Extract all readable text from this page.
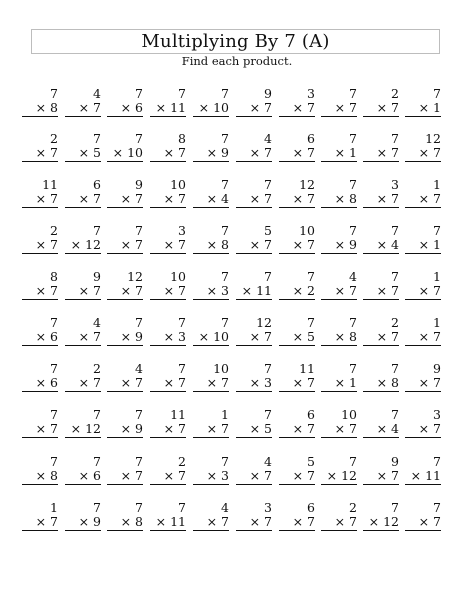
Multiplying By 7 (A)
Find each product.
7
× 8
4
× 7
7
× 6
7
× 11
7
× 10
9
× 7
3
× 7
7
× 7
2
× 7
7
× 1
2
× 7
7
× 5
7
× 10
8
× 7
7
× 9
4
× 7
6
× 7
7
× 1
7
× 7
12
× 7
11
× 7
6
× 7
9
× 7
10
× 7
7
× 4
7
× 7
12
× 7
7
× 8
3
× 7
1
× 7
2
× 7
7
× 12
7
× 7
3
× 7
7
× 8
5
× 7
10
× 7
7
× 9
7
× 4
7
× 1
8
× 7
9
× 7
12
× 7
10
× 7
7
× 3
7
× 11
7
× 2
4
× 7
7
× 7
1
× 7
7
× 6
4
× 7
7
× 9
7
× 3
7
× 10
12
× 7
7
× 5
7
× 8
2
× 7
1
× 7
7
× 6
2
× 7
4
× 7
7
× 7
10
× 7
7
× 3
11
× 7
7
× 1
7
× 8
9
× 7
7
× 7
7
× 12
7
× 9
11
× 7
1
× 7
7
× 5
6
× 7
10
× 7
7
× 4
3
× 7
7
× 8
7
× 6
7
× 7
2
× 7
7
× 3
4
× 7
5
× 7
7
× 12
9
× 7
7
× 11
1
× 7
7
× 9
7
× 8
7
× 11
4
× 7
3
× 7
6
× 7
2
× 7
7
× 12
7
× 7
